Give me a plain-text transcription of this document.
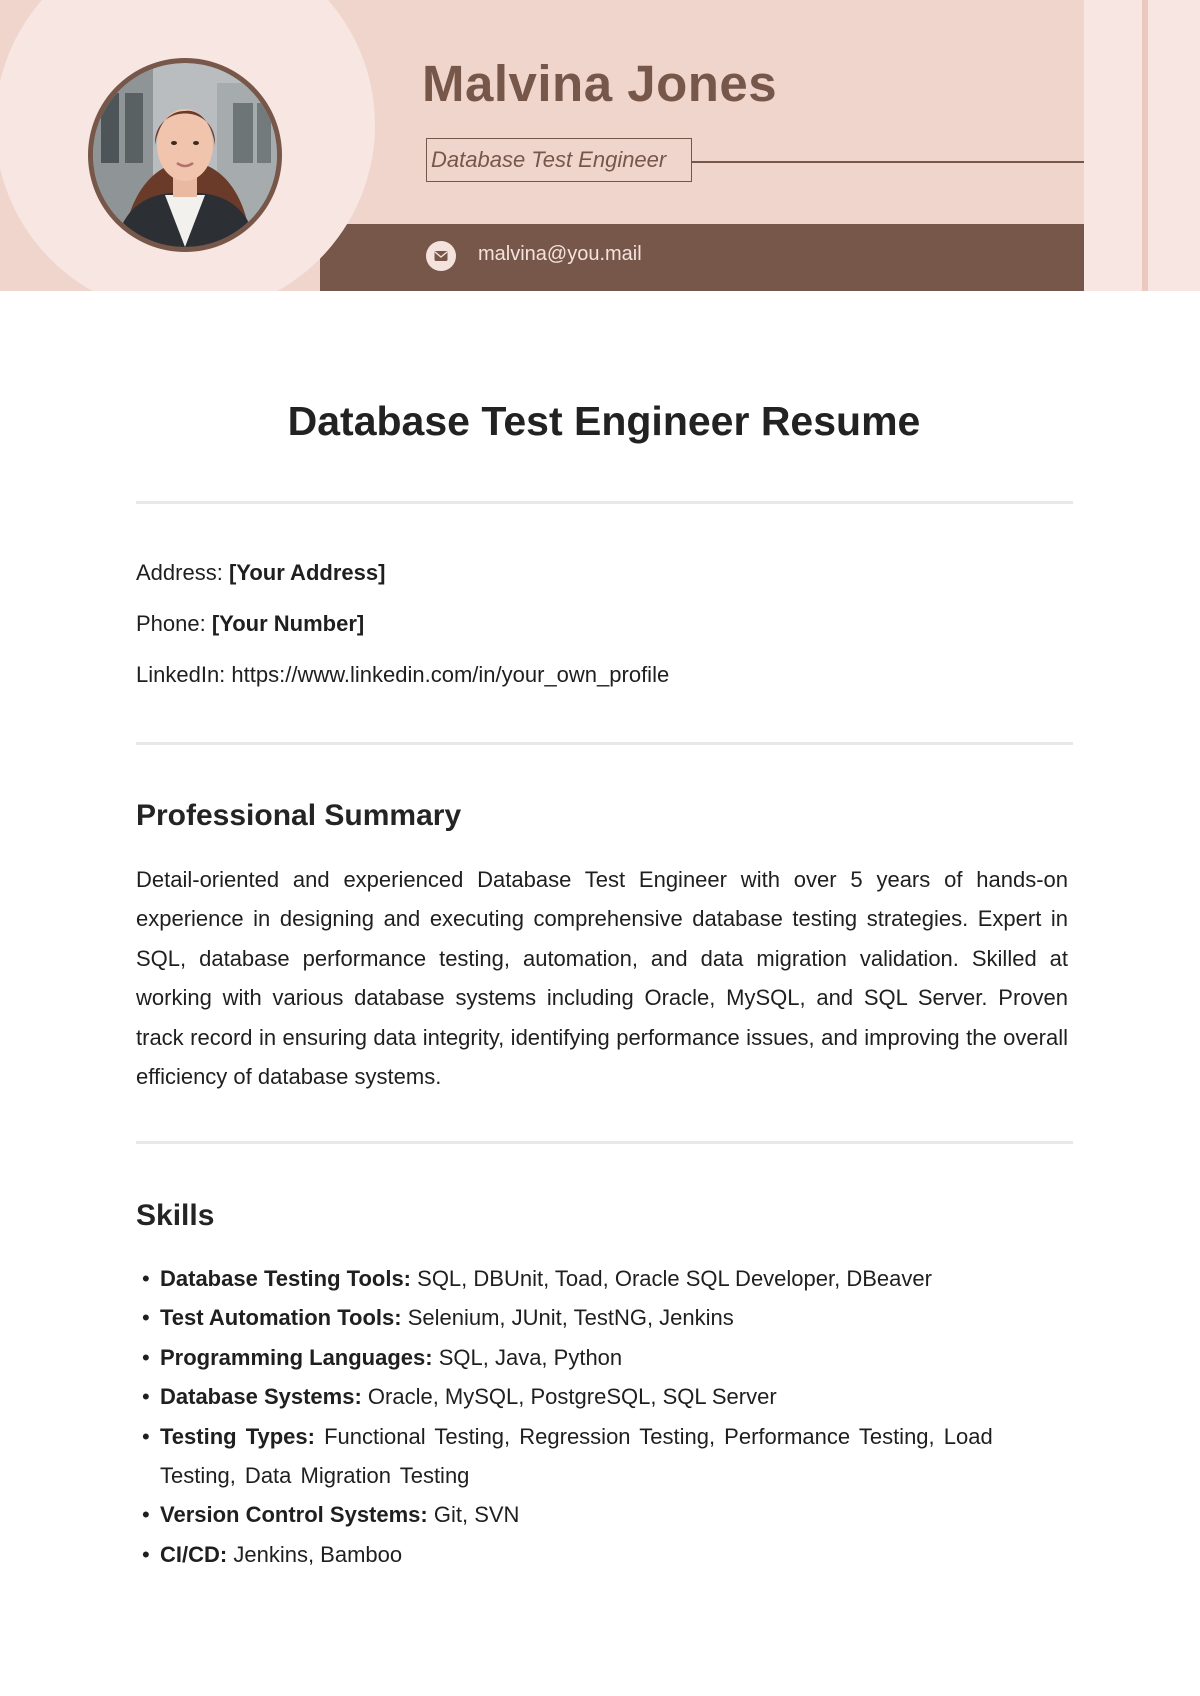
Malvina Jones
Database Test Engineer
malvina@you.mail
Database Test Engineer Resume
Address: [Your Address]
Phone: [Your Number]
LinkedIn: https://www.linkedin.com/in/your_own_profile
Professional Summary

Detail-oriented and experienced Database Test Engineer with over 5 years of hands-on experience in designing and executing comprehensive database testing strategies. Expert in SQL, database performance testing, automation, and data migration validation. Skilled at working with various database systems including Oracle, MySQL, and SQL Server. Proven track record in ensuring data integrity, identifying performance issues, and improving the overall efficiency of database systems.

Skills
• Database Testing Tools: SQL, DBUnit, Toad, Oracle SQL Developer, DBeaver
• Test Automation Tools: Selenium, JUnit, TestNG, Jenkins
• Programming Languages: SQL, Java, Python
• Database Systems: Oracle, MySQL, PostgreSQL, SQL Server
• Testing Types: Functional Testing, Regression Testing, Performance Testing, Load Testing, Data Migration Testing
• Version Control Systems: Git, SVN
• CI/CD: Jenkins, Bamboo
